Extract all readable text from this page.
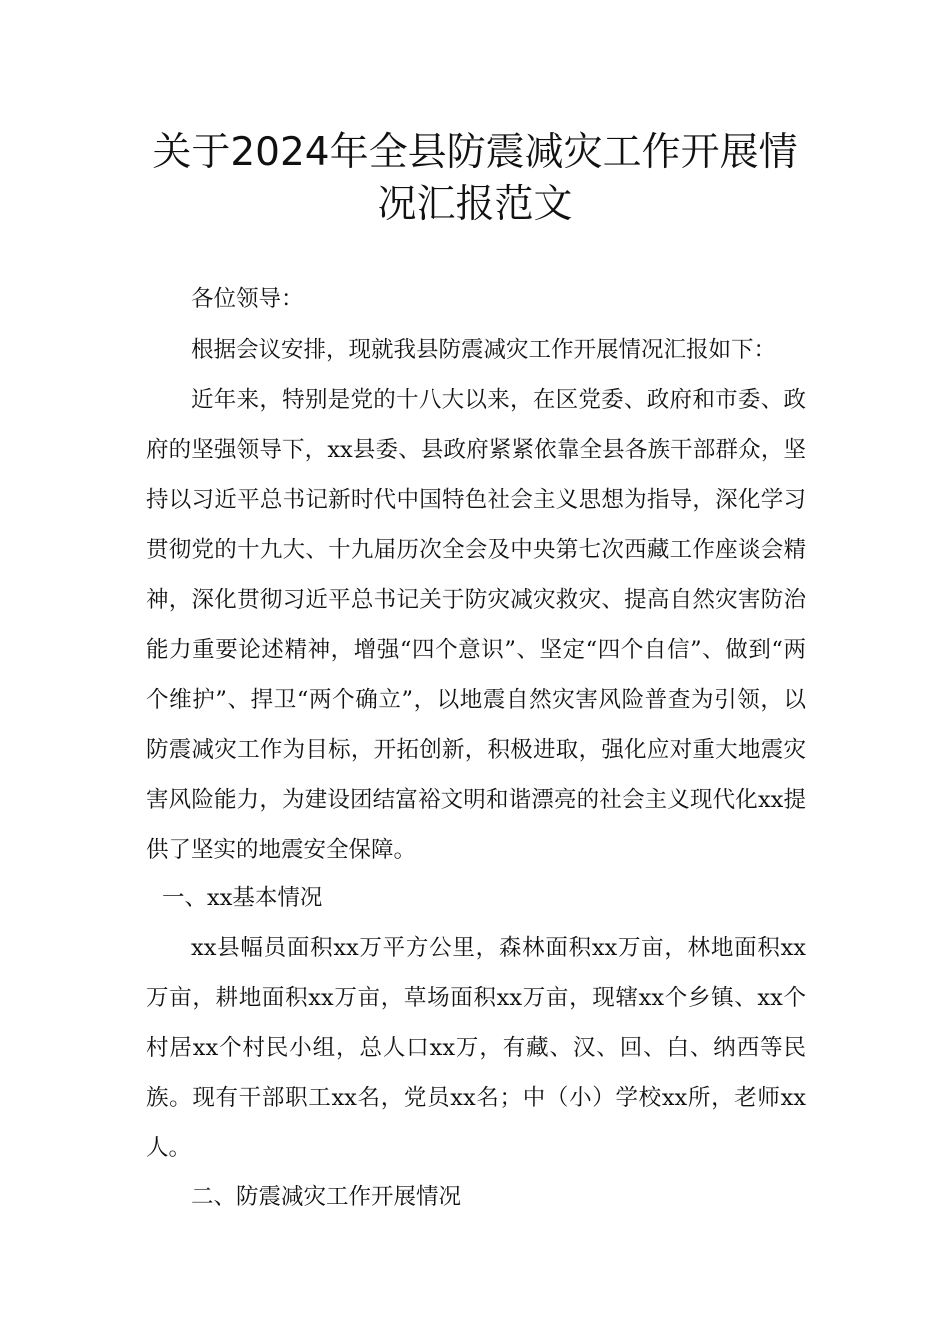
关于2024年全县防震减灾工作开展情
况汇报范文
各位领导：
根据会议安排，现就我县防震减灾工作开展情况汇报如下：

近年来，特别是党的十八大以来，在区党委、政府和市委、政府的坚强领导下，xx县委、县政府紧紧依靠全县各族干部群众，坚持以习近平总书记新时代中国特色社会主义思想为指导，深化学习贯彻党的十九大、十九届历次全会及中央第七次西藏工作座谈会精神，深化贯彻习近平总书记关于防灾减灾救灾、提高自然灾害防治能力重要论述精神，增强“四个意识”、坚定“四个自信”、做到“两个维护”、捍卫“两个确立”，以地震自然灾害风险普查为引领，以防震减灾工作为目标，开拓创新，积极进取，强化应对重大地震灾害风险能力，为建设团结富裕文明和谐漂亮的社会主义现代化xx提供了坚实的地震安全保障。

一、xx基本情况

xx县幅员面积xx万平方公里，森林面积xx万亩，林地面积xx万亩，耕地面积xx万亩，草场面积xx万亩，现辖xx个乡镇、xx个村居xx个村民小组，总人口xx万，有藏、汉、回、白、纳西等民族。现有干部职工xx名，党员xx名；中（小）学校xx所，老师xx人。

二、防震减灾工作开展情况
